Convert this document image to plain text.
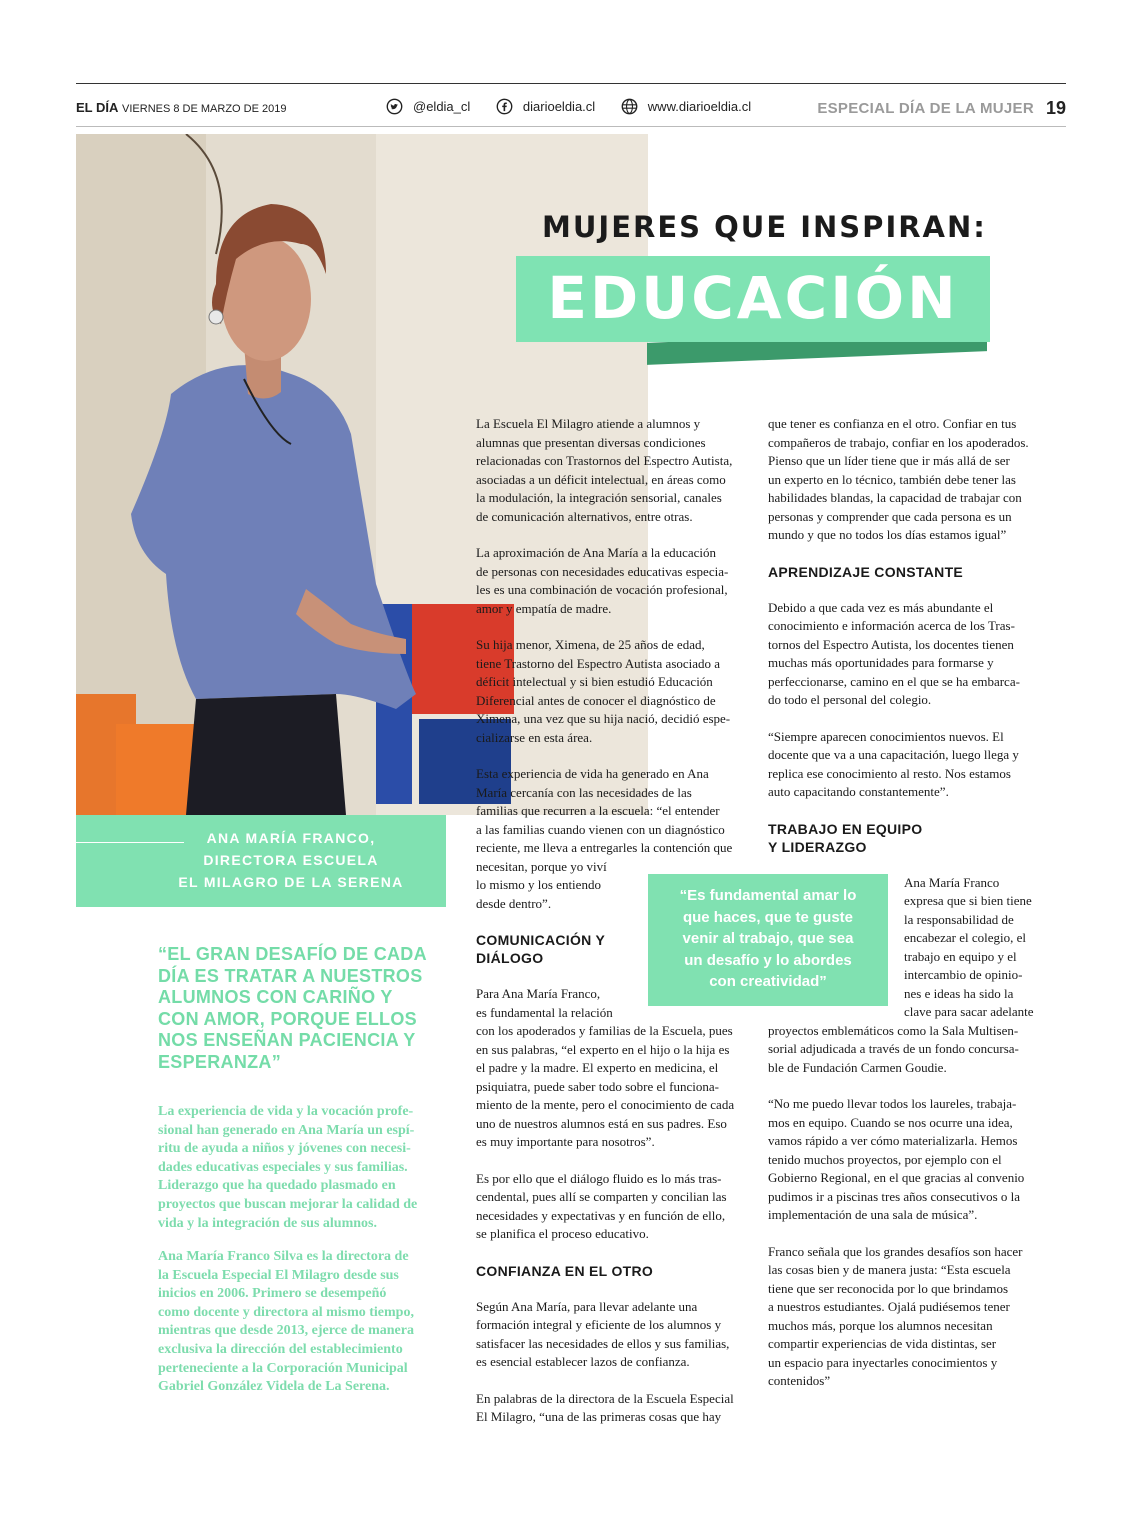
EL DÍA VIERNES 8 DE MARZO DE 2019	@eldia_cl
	diarioeldia.cl
	www.diarioeldia.cl	ESPECIAL DÍA DE LA MUJER 19
MUJERES QUE INSPIRAN:
EDUCACIÓN
ANA MARÍA FRANCO,
DIRECTORA ESCUELA
EL MILAGRO DE LA SERENA
“EL GRAN DESAFÍO DE CADA
DÍA ES TRATAR A NUESTROS
ALUMNOS CON CARIÑO Y
CON AMOR, PORQUE ELLOS
NOS ENSEÑAN PACIENCIA Y
ESPERANZA”
La experiencia de vida y la vocación profe-
sional han generado en Ana María un espí-
ritu de ayuda a niños y jóvenes con necesi-
dades educativas especiales y sus familias.
Liderazgo que ha quedado plasmado en
proyectos que buscan mejorar la calidad de
vida y la integración de sus alumnos.
Ana María Franco Silva es la directora de
la Escuela Especial El Milagro desde sus
inicios en 2006. Primero se desempeñó
como docente y directora al mismo tiempo,
mientras que desde 2013, ejerce de manera
exclusiva la dirección del establecimiento
perteneciente a la Corporación Municipal
Gabriel González Videla de La Serena.

La Escuela El Milagro atiende a alumnos y
alumnas que presentan diversas condiciones
relacionadas con Trastornos del Espectro Autista,
asociadas a un déficit intelectual, en áreas como
la modulación, la integración sensorial, canales
de comunicación alternativos, entre otras.

La aproximación de Ana María a la educación
de personas con necesidades educativas especia-
les es una combinación de vocación profesional,
amor y empatía de madre.

Su hija menor, Ximena, de 25 años de edad,
tiene Trastorno del Espectro Autista asociado a
déficit intelectual y si bien estudió Educación
Diferencial antes de conocer el diagnóstico de
Ximena, una vez que su hija nació, decidió espe-
cializarse en esta área.

Esta experiencia de vida ha generado en Ana
María cercanía con las necesidades de las
familias que recurren a la escuela: “el entender
a las familias cuando vienen con un diagnóstico
reciente, me lleva a entregarles la contención que
necesitan, porque yo viví
lo mismo y los entiendo
desde dentro”.

COMUNICACIÓN Y
DIÁLOGO

Para Ana María Franco,
es fundamental la relación
con los apoderados y familias de la Escuela, pues
en sus palabras, “el experto en el hijo o la hija es
el padre y la madre. El experto en medicina, el
psiquiatra, puede saber todo sobre el funciona-
miento de la mente, pero el conocimiento de cada
uno de nuestros alumnos está en sus padres. Eso
es muy importante para nosotros”.

Es por ello que el diálogo fluido es lo más tras-
cendental, pues allí se comparten y concilian las
necesidades y expectativas y en función de ello,
se planifica el proceso educativo.

CONFIANZA EN EL OTRO

Según Ana María, para llevar adelante una
formación integral y eficiente de los alumnos y
satisfacer las necesidades de ellos y sus familias,
es esencial establecer lazos de confianza.

En palabras de la directora de la Escuela Especial
El Milagro, “una de las primeras cosas que hay

que tener es confianza en el otro. Confiar en tus
compañeros de trabajo, confiar en los apoderados.
Pienso que un líder tiene que ir más allá de ser
un experto en lo técnico, también debe tener las
habilidades blandas, la capacidad de trabajar con
personas y comprender que cada persona es un
mundo y que no todos los días estamos igual”

APRENDIZAJE CONSTANTE

Debido a que cada vez es más abundante el
conocimiento e información acerca de los Tras-
tornos del Espectro Autista, los docentes tienen
muchas más oportunidades para formarse y
perfeccionarse, camino en el que se ha embarca-
do todo el personal del colegio.

“Siempre aparecen conocimientos nuevos. El
docente que va a una capacitación, luego llega y
replica ese conocimiento al resto. Nos estamos
auto capacitando constantemente”.

TRABAJO EN EQUIPO
Y LIDERAZGO

Ana María Franco
expresa que si bien tiene
la responsabilidad de
encabezar el colegio, el
trabajo en equipo y el
intercambio de opinio-
nes e ideas ha sido la
clave para sacar adelante

proyectos emblemáticos como la Sala Multisen-
sorial adjudicada a través de un fondo concursa-
ble de Fundación Carmen Goudie.

“No me puedo llevar todos los laureles, trabaja-
mos en equipo. Cuando se nos ocurre una idea,
vamos rápido a ver cómo materializarla. Hemos
tenido muchos proyectos, por ejemplo con el
Gobierno Regional, en el que gracias al convenio
pudimos ir a piscinas tres años consecutivos o la
implementación de una sala de música”.

Franco señala que los grandes desafíos son hacer
las cosas bien y de manera justa: “Esta escuela
tiene que ser reconocida por lo que brindamos
a nuestros estudiantes. Ojalá pudiésemos tener
muchos más, porque los alumnos necesitan
compartir experiencias de vida distintas, ser
un espacio para inyectarles conocimientos y
contenidos”

“Es fundamental amar lo
que haces, que te guste
venir al trabajo, que sea
un desafío y lo abordes
con creatividad”
